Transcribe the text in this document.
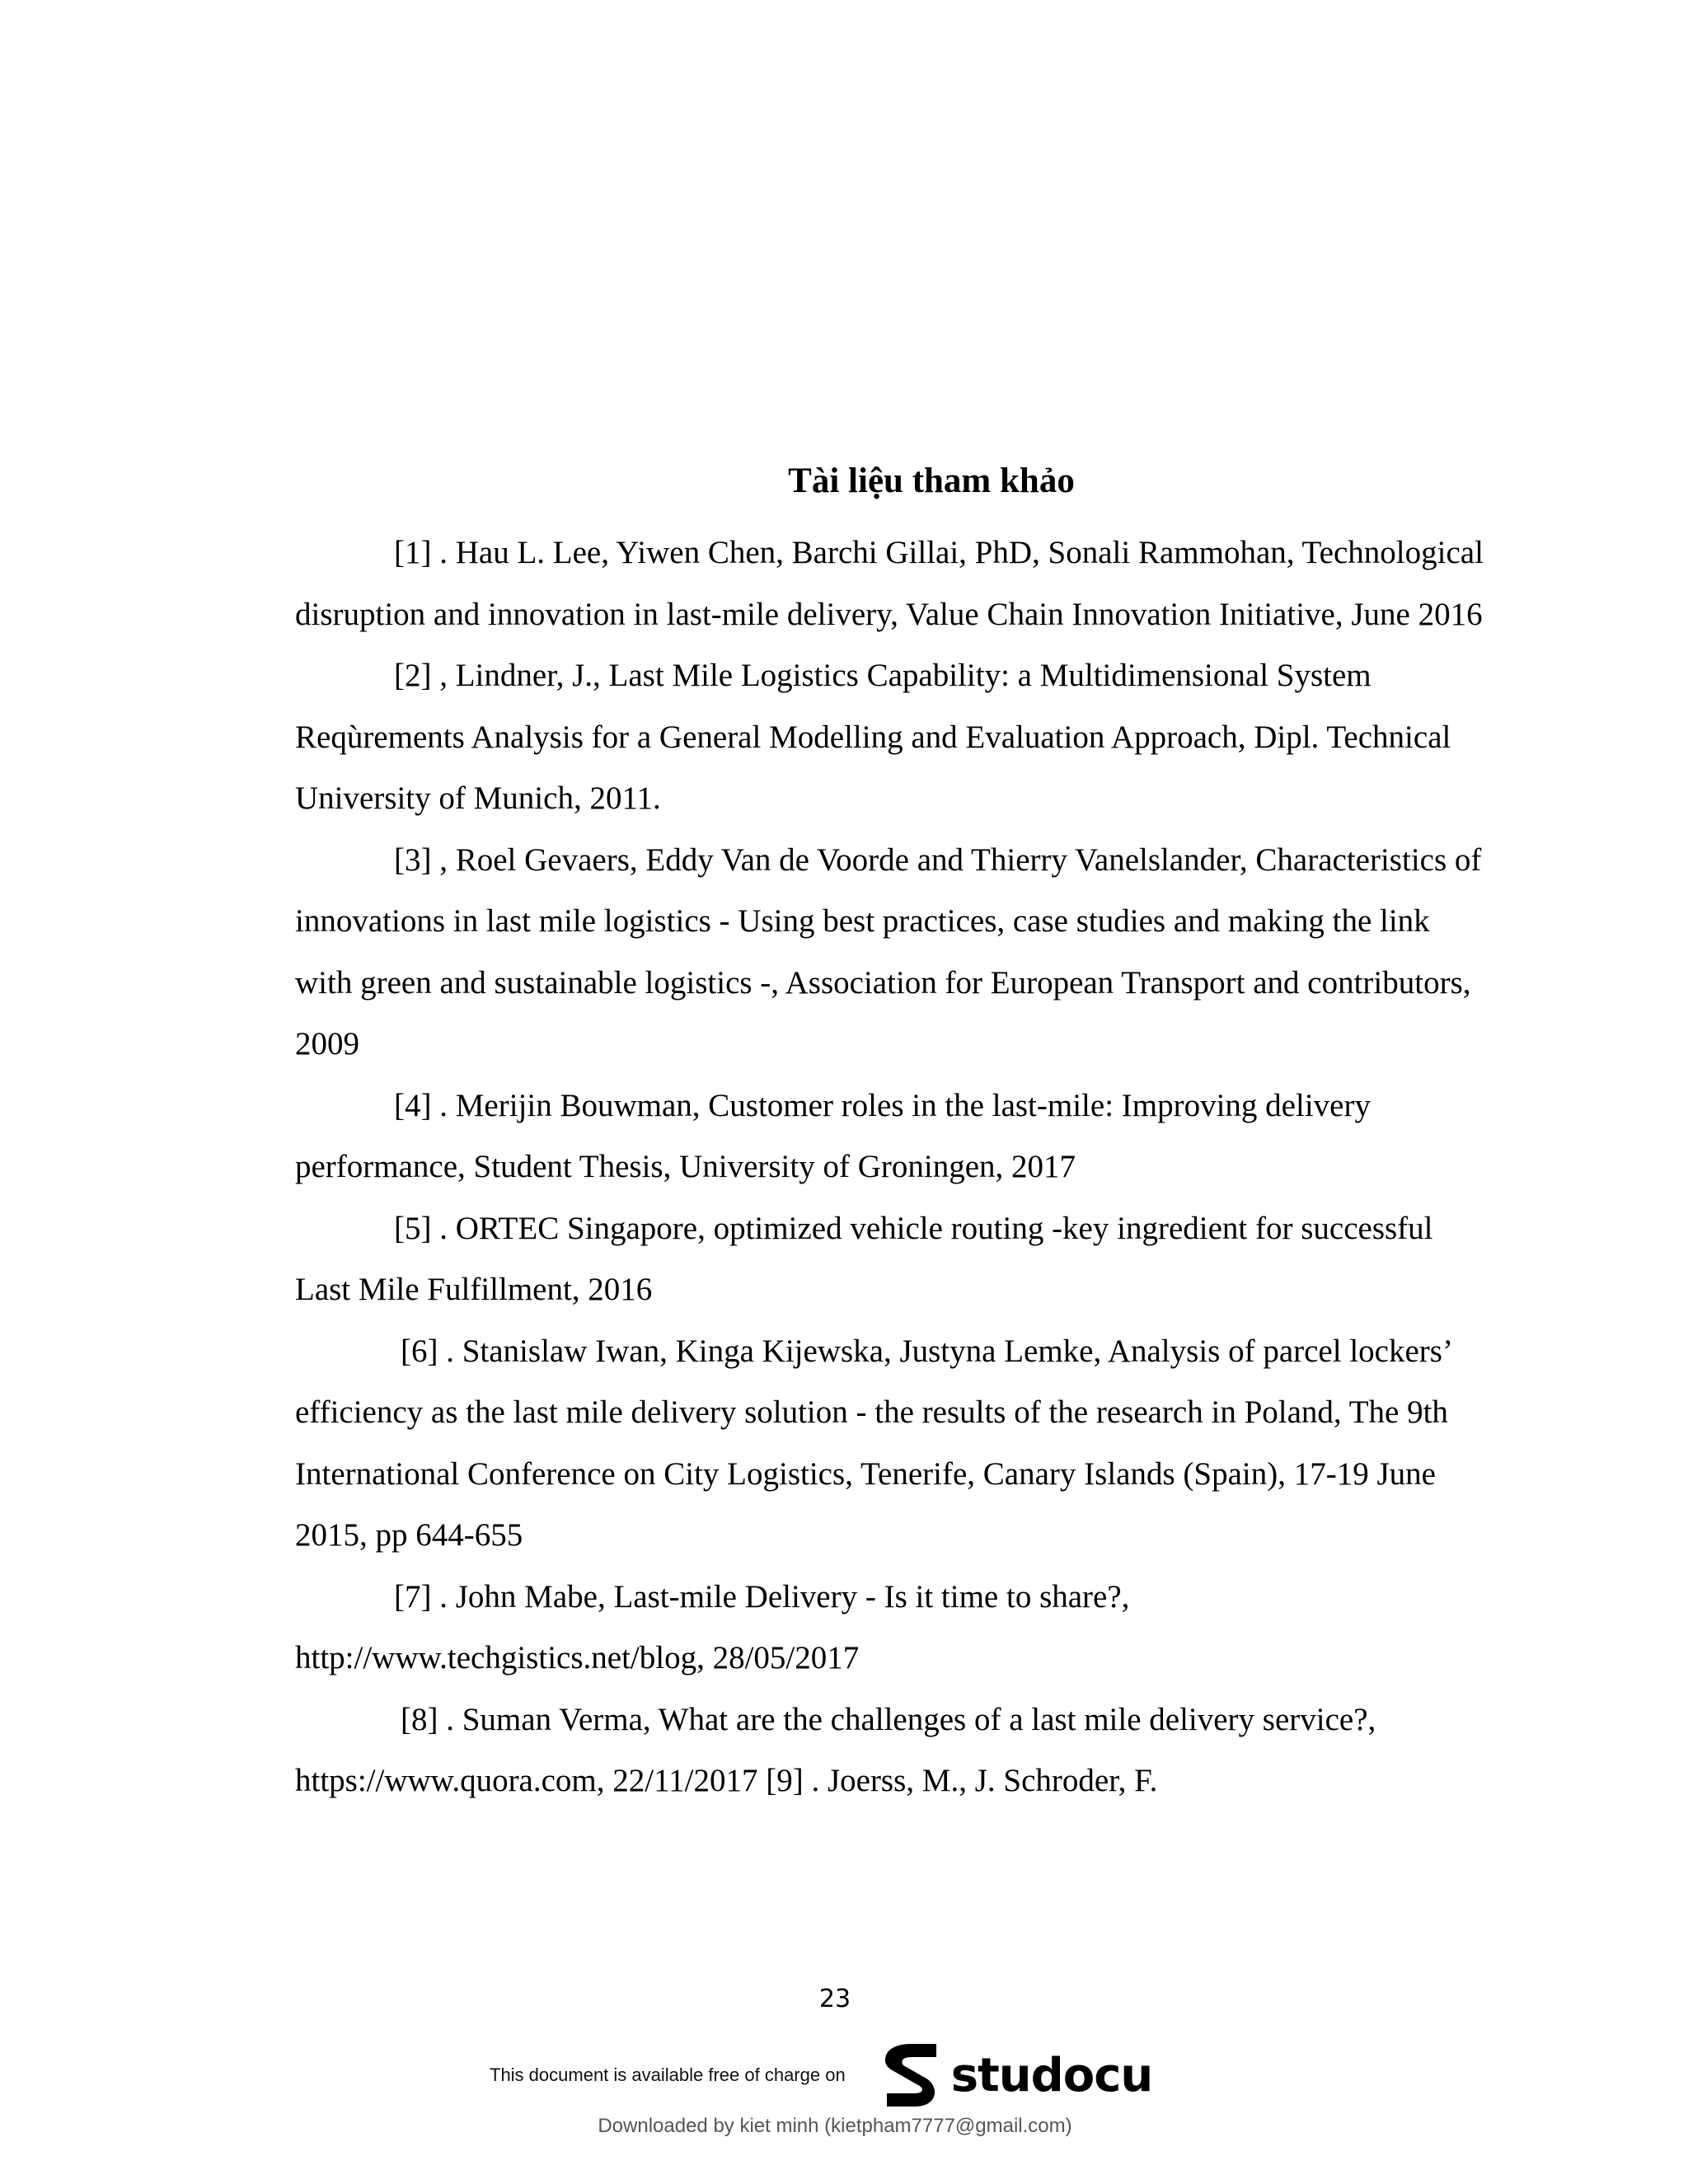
Tài liệu tham khảo

[1] . Hau L. Lee, Yiwen Chen, Barchi Gillai, PhD, Sonali Rammohan, Technological disruption and innovation in last-mile delivery, Value Chain Innovation Initiative, June 2016

[2] , Lindner, J., Last Mile Logistics Capability: a Multidimensional System Reqùrements Analysis for a General Modelling and Evaluation Approach, Dipl. Technical University of Munich, 2011.

[3] , Roel Gevaers, Eddy Van de Voorde and Thierry Vanelslander, Characteristics of innovations in last mile logistics - Using best practices, case studies and making the link with green and sustainable logistics -, Association for European Transport and contributors, 2009

[4] . Merijin Bouwman, Customer roles in the last-mile: Improving delivery performance, Student Thesis, University of Groningen, 2017

[5] . ORTEC Singapore, optimized vehicle routing -key ingredient for successful Last Mile Fulfillment, 2016

[6] . Stanislaw Iwan, Kinga Kijewska, Justyna Lemke, Analysis of parcel lockers’ efficiency as the last mile delivery solution - the results of the research in Poland, The 9th International Conference on City Logistics, Tenerife, Canary Islands (Spain), 17-19 June 2015, pp 644-655

[7] . John Mabe, Last-mile Delivery - Is it time to share?,
http://www.techgistics.net/blog, 28/05/2017

[8] . Suman Verma, What are the challenges of a last mile delivery service?, https://www.quora.com, 22/11/2017 [9] . Joerss, M., J. Schroder, F.

23
This document is available free of charge on studocu
Downloaded by kiet minh (kietpham7777@gmail.com)
